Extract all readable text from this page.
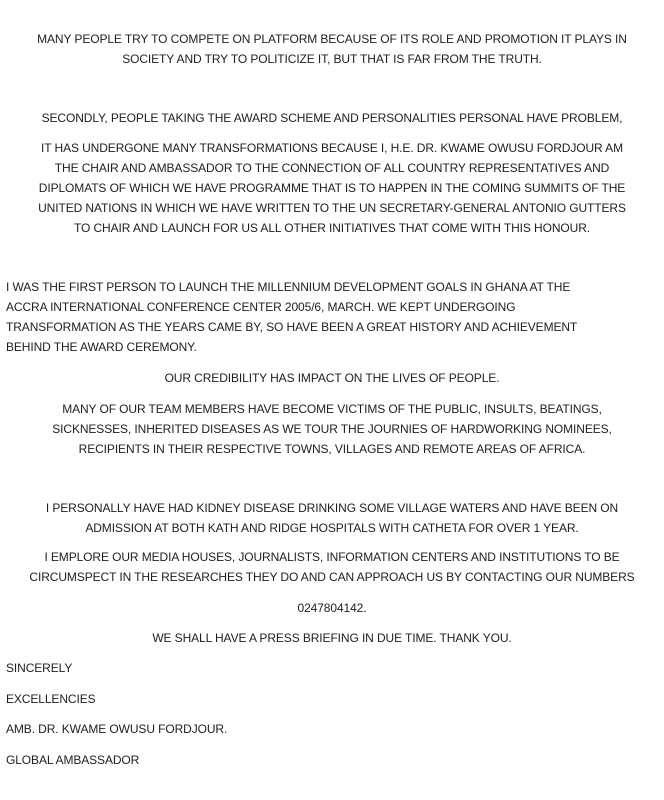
MANY PEOPLE TRY TO COMPETE ON PLATFORM BECAUSE OF ITS ROLE AND PROMOTION IT PLAYS IN
SOCIETY AND TRY TO POLITICIZE IT, BUT THAT IS FAR FROM THE TRUTH.

SECONDLY, PEOPLE TAKING THE AWARD SCHEME AND PERSONALITIES PERSONAL HAVE PROBLEM,

IT HAS UNDERGONE MANY TRANSFORMATIONS BECAUSE I, H.E. DR. KWAME OWUSU FORDJOUR AM
THE CHAIR AND AMBASSADOR TO THE CONNECTION OF ALL COUNTRY REPRESENTATIVES AND
DIPLOMATS OF WHICH WE HAVE PROGRAMME THAT IS TO HAPPEN IN THE COMING SUMMITS OF THE
UNITED NATIONS IN WHICH WE HAVE WRITTEN TO THE UN SECRETARY-GENERAL ANTONIO GUTTERS
TO CHAIR AND LAUNCH FOR US ALL OTHER INITIATIVES THAT COME WITH THIS HONOUR.

I WAS THE FIRST PERSON TO LAUNCH THE MILLENNIUM DEVELOPMENT GOALS IN GHANA AT THE
ACCRA INTERNATIONAL CONFERENCE CENTER 2005/6, MARCH. WE KEPT UNDERGOING
TRANSFORMATION AS THE YEARS CAME BY, SO HAVE BEEN A GREAT HISTORY AND ACHIEVEMENT
BEHIND THE AWARD CEREMONY.

OUR CREDIBILITY HAS IMPACT ON THE LIVES OF PEOPLE.

MANY OF OUR TEAM MEMBERS HAVE BECOME VICTIMS OF THE PUBLIC, INSULTS, BEATINGS,
SICKNESSES, INHERITED DISEASES AS WE TOUR THE JOURNIES OF HARDWORKING NOMINEES,
RECIPIENTS IN THEIR RESPECTIVE TOWNS, VILLAGES AND REMOTE AREAS OF AFRICA.

I PERSONALLY HAVE HAD KIDNEY DISEASE DRINKING SOME VILLAGE WATERS AND HAVE BEEN ON
ADMISSION AT BOTH KATH AND RIDGE HOSPITALS WITH CATHETA FOR OVER 1 YEAR.

I EMPLORE OUR MEDIA HOUSES, JOURNALISTS, INFORMATION CENTERS AND INSTITUTIONS TO BE
CIRCUMSPECT IN THE RESEARCHES THEY DO AND CAN APPROACH US BY CONTACTING OUR NUMBERS

0247804142.

WE SHALL HAVE A PRESS BRIEFING IN DUE TIME. THANK YOU.

SINCERELY

EXCELLENCIES

AMB. DR. KWAME OWUSU FORDJOUR.

GLOBAL AMBASSADOR
